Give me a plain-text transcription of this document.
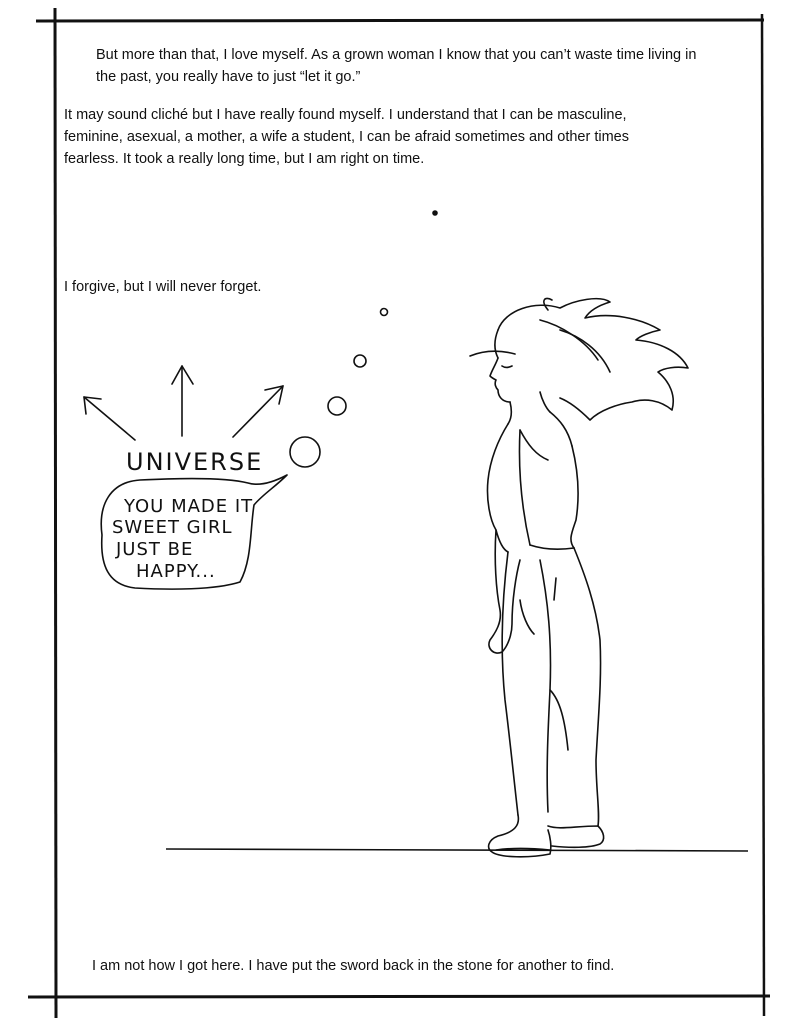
But more than that, I love myself. As a grown woman I know that you can’t waste time living in the past, you really have to just “let it go.”

It may sound cliché but I have really found myself. I understand that I can be masculine, feminine, asexual, a mother, a wife a student, I can be afraid sometimes and other times fearless. It took a really long time, but I am right on time.

I forgive, but I will never forget.

I am not how I got here. I have put the sword back in the stone for another to find.

UNIVERSE
YOU MADE IT
SWEET GIRL
JUST BE
HAPPY...
